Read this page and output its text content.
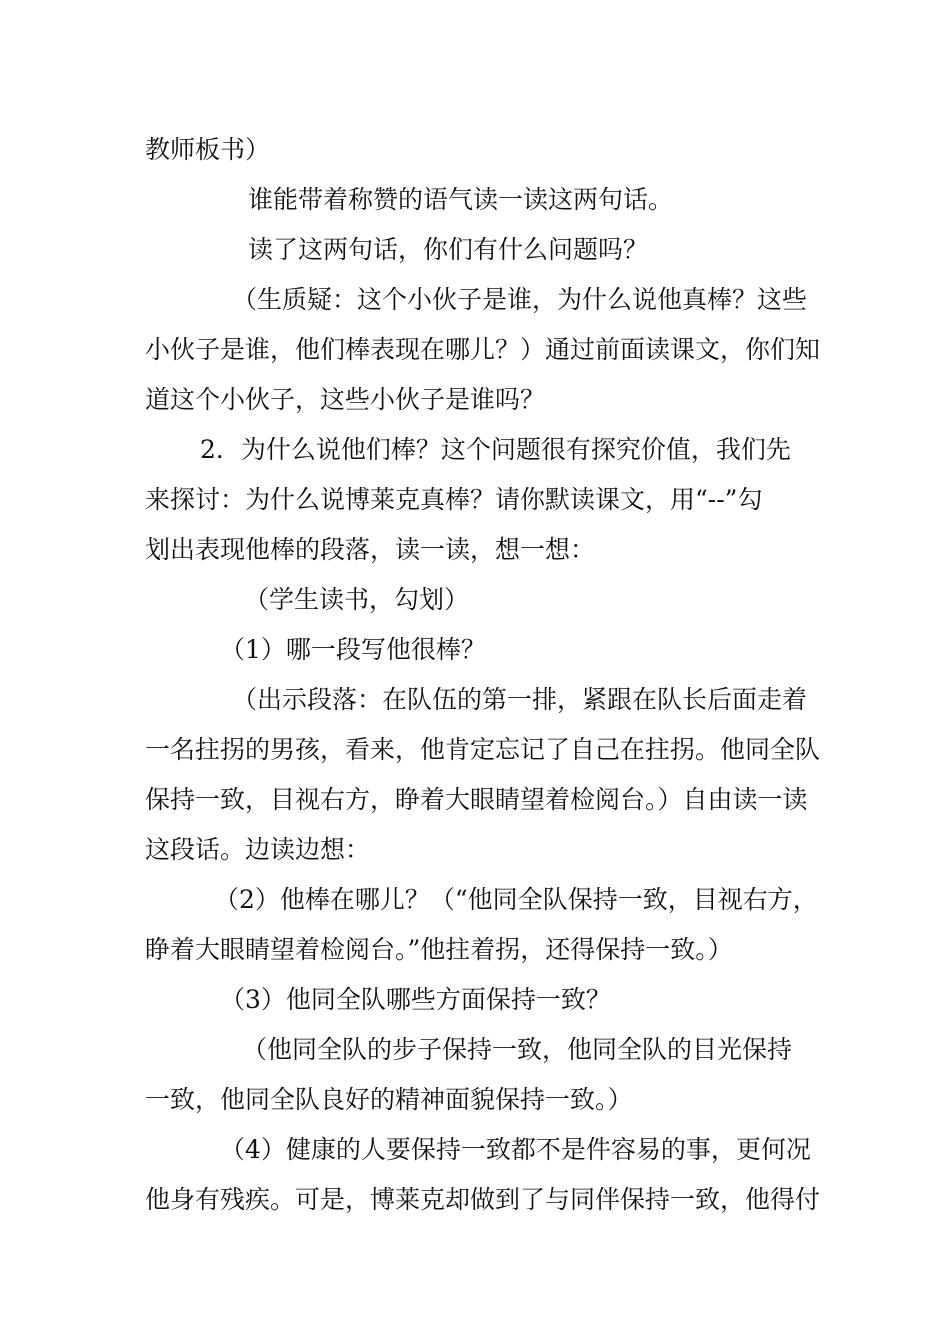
教师板书）
谁能带着称赞的语气读一读这两句话。
读了这两句话，你们有什么问题吗？
（生质疑：这个小伙子是谁，为什么说他真棒？这些
小伙子是谁，他们棒表现在哪儿？）通过前面读课文，你们知
道这个小伙子，这些小伙子是谁吗？
2．为什么说他们棒？这个问题很有探究价值，我们先
来探讨：为什么说博莱克真棒？请你默读课文，用“--”勾
划出表现他棒的段落，读一读，想一想：
（学生读书，勾划）
（1）哪一段写他很棒？
（出示段落：在队伍的第一排，紧跟在队长后面走着
一名拄拐的男孩，看来，他肯定忘记了自己在拄拐。他同全队
保持一致，目视右方，睁着大眼睛望着检阅台。）自由读一读
这段话。边读边想：
（2）他棒在哪儿？（“他同全队保持一致，目视右方，
睁着大眼睛望着检阅台。”他拄着拐，还得保持一致。）
（3）他同全队哪些方面保持一致？
（他同全队的步子保持一致，他同全队的目光保持
一致，他同全队良好的精神面貌保持一致。）
（4）健康的人要保持一致都不是件容易的事，更何况
他身有残疾。可是，博莱克却做到了与同伴保持一致，他得付
